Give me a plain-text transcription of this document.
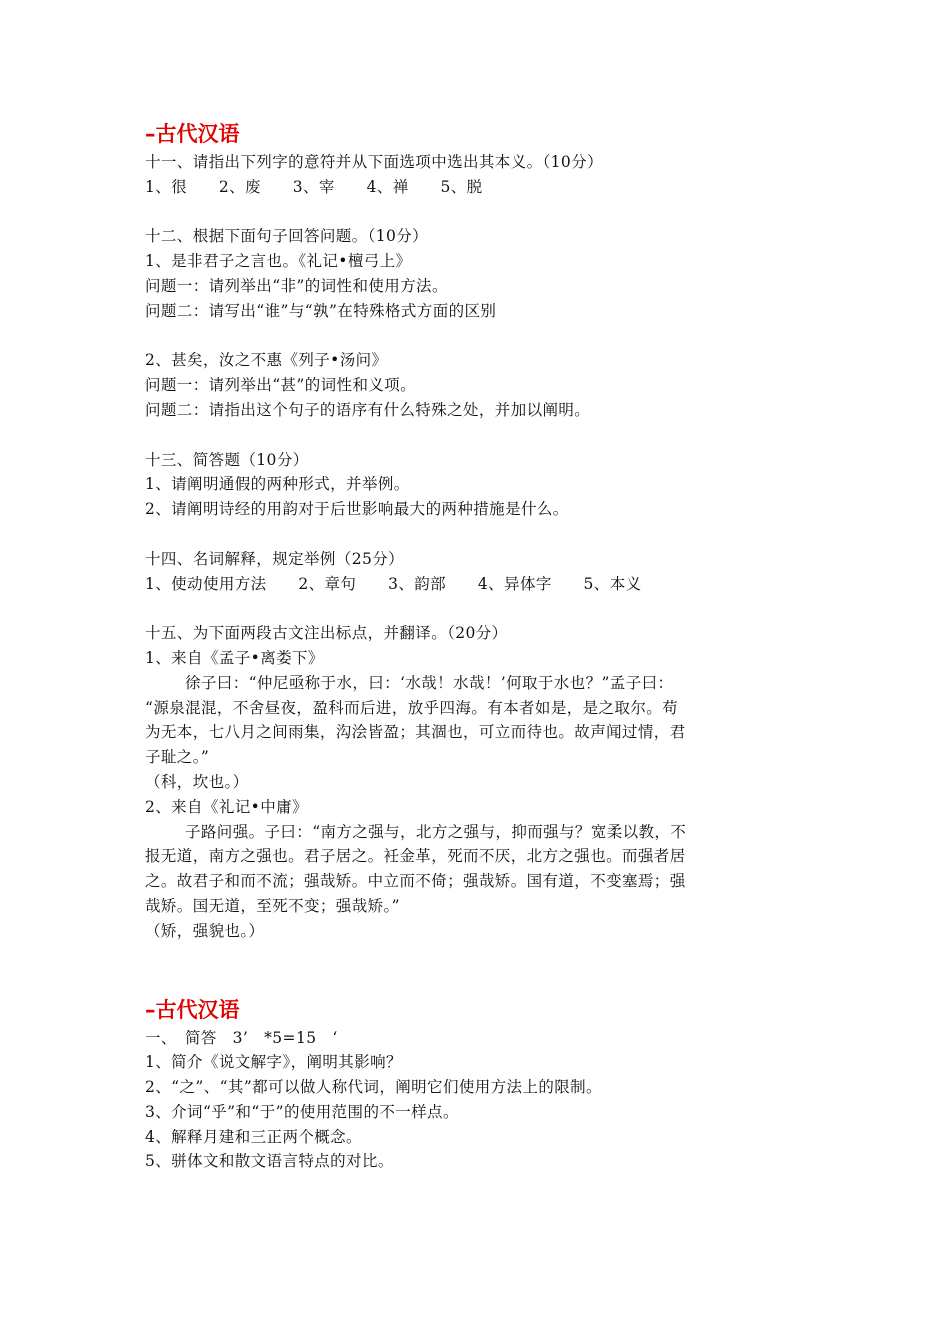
–古代汉语
十一、请指出下列字的意符并从下面选项中选出其本义。（10分）
1、很　　2、废　　3、宰　　4、禅　　5、脱
十二、根据下面句子回答问题。（10分）
1、是非君子之言也。《礼记•檀弓上》
问题一：请列举出“非”的词性和使用方法。
问题二：请写出“谁”与“孰”在特殊格式方面的区别
2、甚矣，汝之不惠《列子•汤问》
问题一：请列举出“甚”的词性和义项。
问题二：请指出这个句子的语序有什么特殊之处，并加以阐明。
十三、简答题（10分）
1、请阐明通假的两种形式，并举例。
2、请阐明诗经的用韵对于后世影响最大的两种措施是什么。
十四、名词解释，规定举例（25分）
1、使动使用方法　　2、章句　　3、韵部　　4、异体字　　5、本义
十五、为下面两段古文注出标点，并翻译。（20分）
1、来自《孟子•离娄下》
徐子曰：“仲尼亟称于水，曰：‘水哉！水哉！’何取于水也？”孟子曰：
“源泉混混，不舍昼夜，盈科而后进，放乎四海。有本者如是，是之取尔。苟
为无本，七八月之间雨集，沟浍皆盈；其涸也，可立而待也。故声闻过情，君
子耻之。”
（科，坎也。）
2、来自《礼记•中庸》
子路问强。子曰：“南方之强与，北方之强与，抑而强与？宽柔以教，不
报无道，南方之强也。君子居之。衽金革，死而不厌，北方之强也。而强者居
之。故君子和而不流；强哉矫。中立而不倚；强哉矫。国有道，不变塞焉；强
哉矫。国无道，至死不变；强哉矫。”
（矫，强貌也。）
–古代汉语
一、　简答　3’　*5=15　‘
1、简介《说文解字》，阐明其影响？
2、“之”、“其”都可以做人称代词，阐明它们使用方法上的限制。
3、介词“乎”和“于”的使用范围的不一样点。
4、解释月建和三正两个概念。
5、骈体文和散文语言特点的对比。
